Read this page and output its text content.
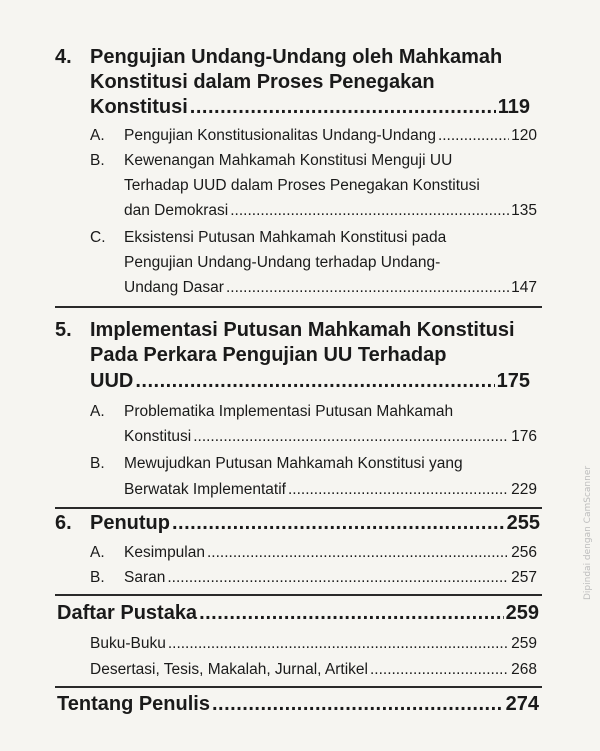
4. Pengujian Undang-Undang oleh Mahkamah
Konstitusi dalam Proses Penegakan
Konstitusi .....	119
A.	Pengujian Konstitusionalitas Undang-Undang .....	120
B.	Kewenangan Mahkamah Konstitusi Menguji UU
Terhadap UUD dalam Proses Penegakan Konstitusi
dan Demokrasi .....	135
C.	Eksistensi Putusan Mahkamah Konstitusi pada
Pengujian Undang-Undang terhadap Undang-
Undang Dasar .....	147
5. Implementasi Putusan Mahkamah Konstitusi
Pada Perkara Pengujian UU Terhadap
UUD .....	175
A.	Problematika Implementasi Putusan Mahkamah
Konstitusi .....	176
B.	Mewujudkan Putusan Mahkamah Konstitusi yang
Berwatak Implementatif .....	229
6. Penutup .....	255
A.	Kesimpulan .....	256
B.	Saran .....	257
Daftar Pustaka .....	259
Buku-Buku .....	259
Desertasi, Tesis, Makalah, Jurnal, Artikel .....	268
Tentang Penulis .....	274
Dipindai dengan CamScanner
